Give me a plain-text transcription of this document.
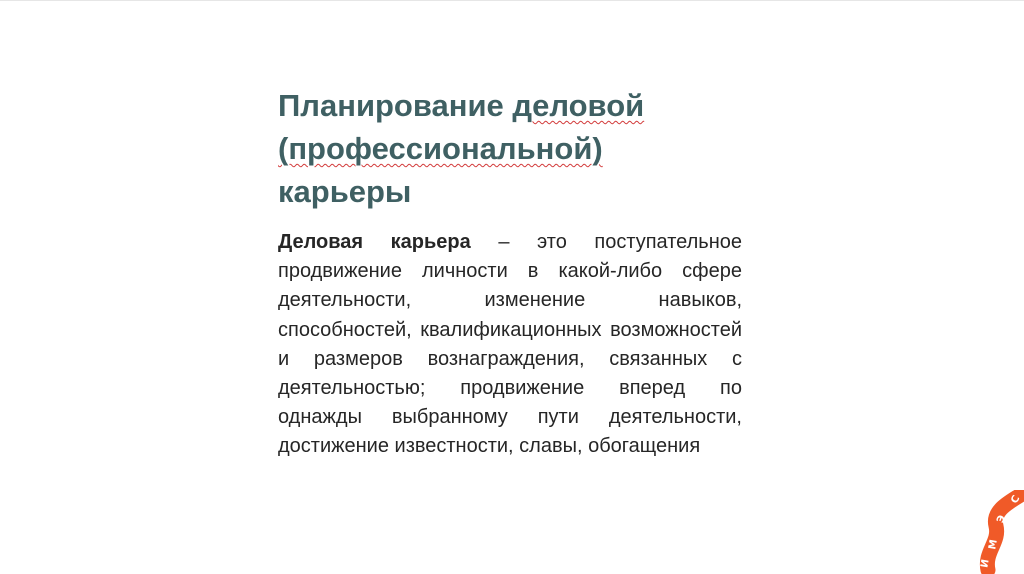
Планирование деловой
(профессиональной)
карьеры

Деловая карьера – это поступательное продвижение личности в какой-либо сфере деятельности, изменение навыков, способностей, квалификационных возможностей и размеров вознаграждения, связанных с деятельностью; продвижение вперед по однажды выбранному пути деятельности, достижение известности, славы, обогащения

И
М
Э
С
